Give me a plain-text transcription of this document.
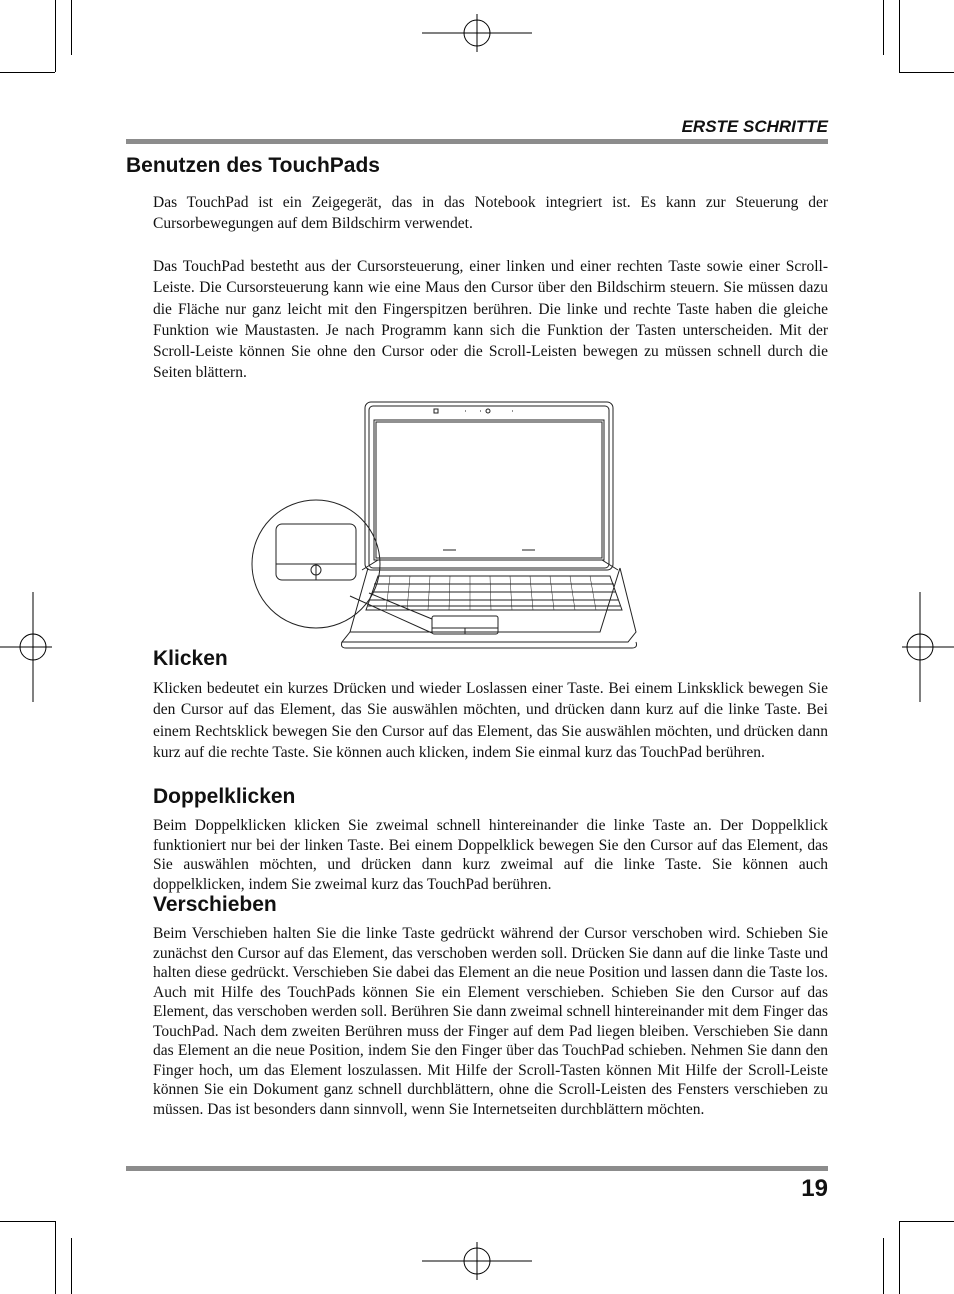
ERSTE SCHRITTE
Benutzen des TouchPads

Das TouchPad ist ein Zeigegerät, das in das Notebook integriert ist. Es kann zur Steuerung der Cursorbewegungen auf dem Bildschirm verwendet.

Das TouchPad bestetht aus der Cursorsteuerung, einer linken und einer rechten Taste sowie einer Scroll-Leiste. Die Cursorsteuerung kann wie eine Maus den Cursor über den Bildschirm steuern. Sie müssen dazu die Fläche nur ganz leicht mit den Fingerspitzen berühren. Die linke und rechte Taste haben die gleiche Funktion wie Maustasten. Je nach Programm kann sich die Funktion der Tasten unterscheiden. Mit der Scroll-Leiste können Sie ohne den Cursor oder die Scroll-Leisten bewegen zu müssen schnell durch die Seiten blättern.

Klicken

Klicken bedeutet ein kurzes Drücken und wieder Loslassen einer Taste. Bei einem Linksklick bewegen Sie den Cursor auf das Element, das Sie auswählen möchten, und drücken dann kurz auf die linke Taste. Bei einem Rechtsklick bewegen Sie den Cursor auf das Element, das Sie auswählen möchten, und drücken dann kurz auf die rechte Taste. Sie können auch klicken, indem Sie einmal kurz das TouchPad berühren.

Doppelklicken

Beim Doppelklicken klicken Sie zweimal schnell hintereinander die linke Taste an. Der Doppelklick funktioniert nur bei der linken Taste. Bei einem Doppelklick bewegen Sie den Cursor auf das Element, das Sie auswählen möchten, und drücken dann kurz zweimal auf die linke Taste. Sie können auch doppelklicken, indem Sie zweimal kurz das TouchPad berühren.

Verschieben

Beim Verschieben halten Sie die linke Taste gedrückt während der Cursor verschoben wird. Schieben Sie zunächst den Cursor auf das Element, das verschoben werden soll. Drücken Sie dann auf die linke Taste und halten diese gedrückt. Verschieben Sie dabei das Element an die neue Position und lassen dann die Taste los. Auch mit Hilfe des TouchPads können Sie ein Element verschieben. Schieben Sie den Cursor auf das Element, das verschoben werden soll. Berühren Sie dann zweimal schnell hintereinander mit dem Finger das TouchPad. Nach dem zweiten Berühren muss der Finger auf dem Pad liegen bleiben. Verschieben Sie dann das Element an die neue Position, indem Sie den Finger über das TouchPad schieben. Nehmen Sie dann den Finger hoch, um das Element loszulassen. Mit Hilfe der Scroll-Tasten können Mit Hilfe der Scroll-Leiste können Sie ein Dokument ganz schnell durchblättern, ohne die Scroll-Leisten des Fensters verschieben zu müssen. Das ist besonders dann sinnvoll, wenn Sie Internetseiten durchblättern möchten.

19
